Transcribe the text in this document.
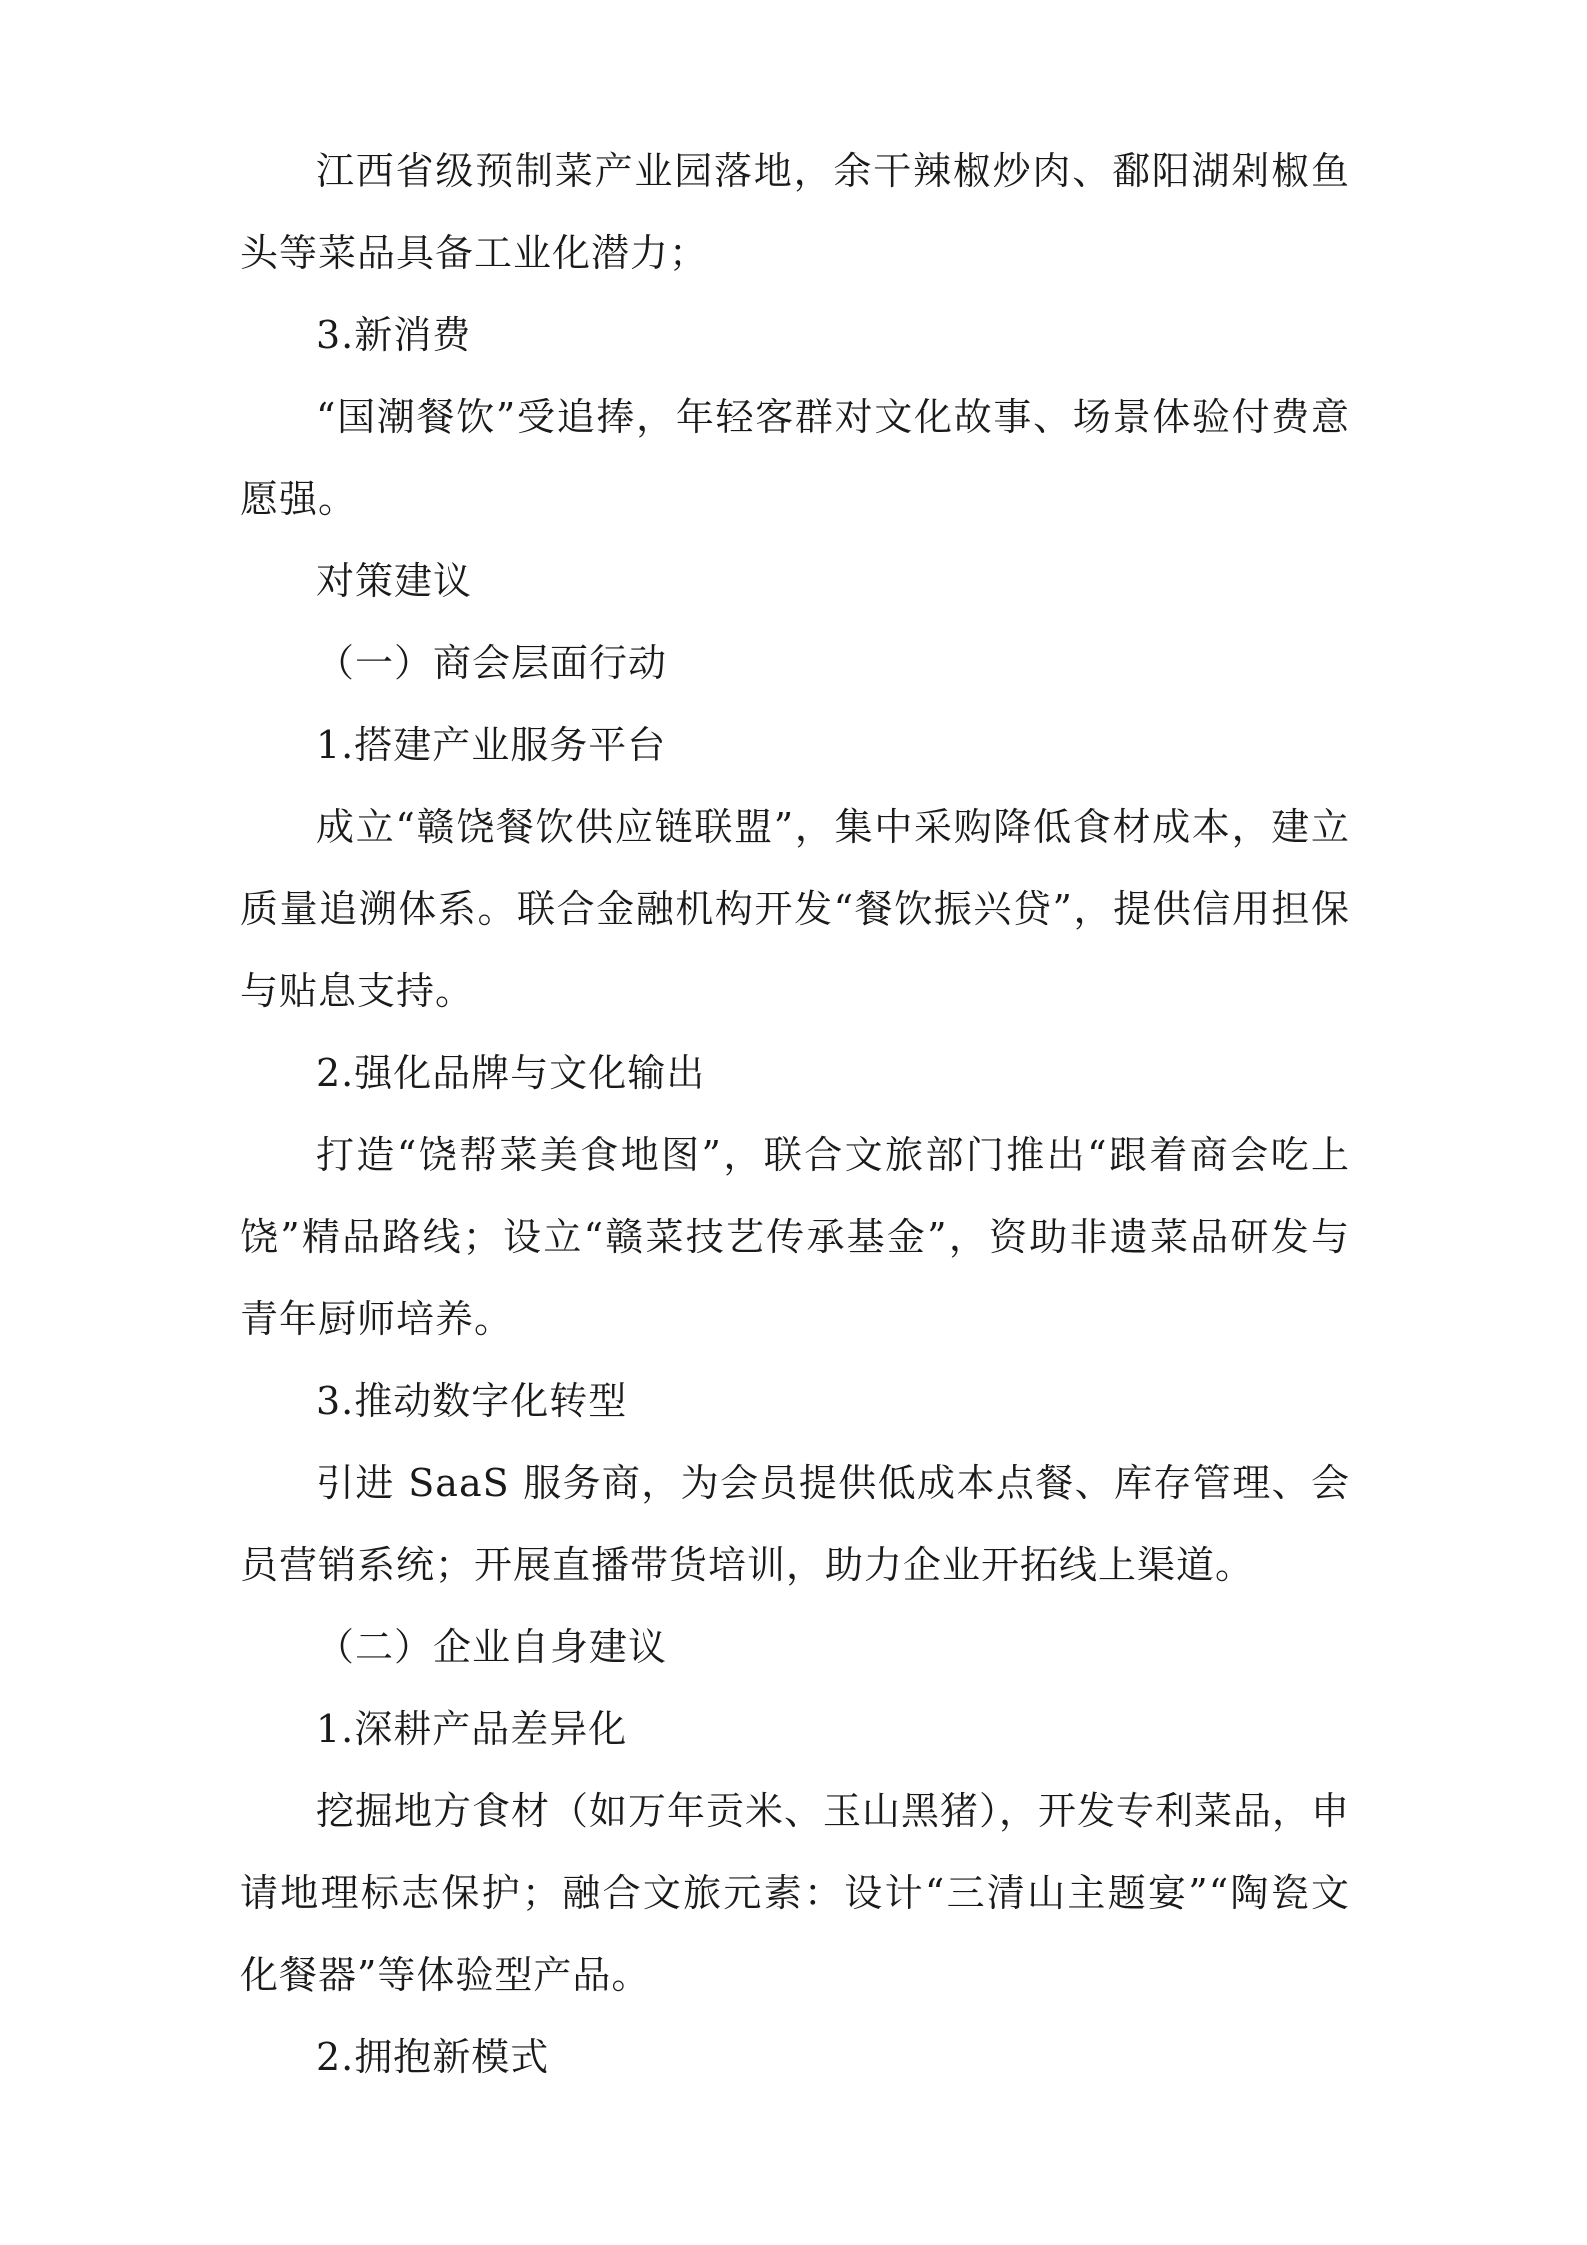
江西省级预制菜产业园落地，余干辣椒炒肉、鄱阳湖剁椒鱼头等菜品具备工业化潜力；

3.新消费

“国潮餐饮”受追捧，年轻客群对文化故事、场景体验付费意愿强。

对策建议

（一）商会层面行动

1.搭建产业服务平台

成立“赣饶餐饮供应链联盟”，集中采购降低食材成本，建立质量追溯体系。联合金融机构开发“餐饮振兴贷”，提供信用担保与贴息支持。

2.强化品牌与文化输出

打造“饶帮菜美食地图”，联合文旅部门推出“跟着商会吃上饶”精品路线；设立“赣菜技艺传承基金”，资助非遗菜品研发与青年厨师培养。

3.推动数字化转型

引进 SaaS 服务商，为会员提供低成本点餐、库存管理、会员营销系统；开展直播带货培训，助力企业开拓线上渠道。

（二）企业自身建议

1.深耕产品差异化

挖掘地方食材（如万年贡米、玉山黑猪），开发专利菜品，申请地理标志保护；融合文旅元素：设计“三清山主题宴”“陶瓷文化餐器”等体验型产品。

2.拥抱新模式
